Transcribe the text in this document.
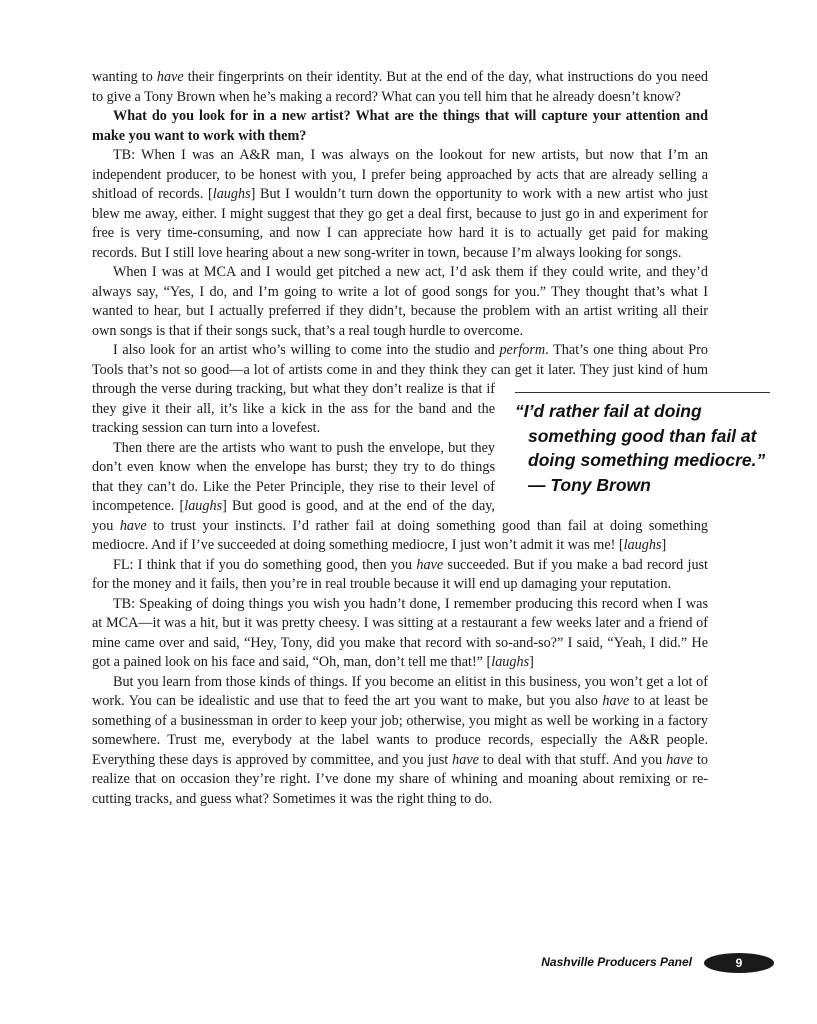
wanting to have their fingerprints on their identity. But at the end of the day, what instructions do you need to give a Tony Brown when he’s making a record? What can you tell him that he already doesn’t know?

What do you look for in a new artist? What are the things that will capture your attention and make you want to work with them?

TB: When I was an A&R man, I was always on the lookout for new artists, but now that I’m an independent producer, to be honest with you, I prefer being approached by acts that are already selling a shitload of records. [laughs] But I wouldn’t turn down the opportunity to work with a new artist who just blew me away, either. I might suggest that they go get a deal first, because to just go in and experiment for free is very time-consuming, and now I can appreciate how hard it is to actually get paid for making records. But I still love hearing about a new song-writer in town, because I’m always looking for songs.

When I was at MCA and I would get pitched a new act, I’d ask them if they could write, and they’d always say, “Yes, I do, and I’m going to write a lot of good songs for you.” They thought that’s what I wanted to hear, but I actually preferred if they didn’t, because the problem with an artist writing all their own songs is that if their songs suck, that’s a real tough hurdle to overcome.

I also look for an artist who’s willing to come into the studio and perform. That’s one thing about Pro Tools that’s not so good—a lot of artists come in and they think they can get it later.
“I’d rather fail at doing
something good than fail at
doing something mediocre.”
— Tony Brown
They just kind of hum through the verse during tracking, but what they don’t realize is that if they give it their all, it’s like a kick in the ass for the band and the tracking session can turn into a lovefest.

Then there are the artists who want to push the envelope, but they don’t even know when the envelope has burst; they try to do things that they can’t do. Like the Peter Principle, they rise to their level of incompetence. [laughs] But good is good, and at the end of the day, you have to trust your instincts. I’d rather fail at doing something good than fail at doing something mediocre. And if I’ve succeeded at doing something mediocre, I just won’t admit it was me! [laughs]

FL: I think that if you do something good, then you have succeeded. But if you make a bad record just for the money and it fails, then you’re in real trouble because it will end up damaging your reputation.

TB: Speaking of doing things you wish you hadn’t done, I remember producing this record when I was at MCA—it was a hit, but it was pretty cheesy. I was sitting at a restaurant a few weeks later and a friend of mine came over and said, “Hey, Tony, did you make that record with so-and-so?” I said, “Yeah, I did.” He got a pained look on his face and said, “Oh, man, don’t tell me that!” [laughs]

But you learn from those kinds of things. If you become an elitist in this business, you won’t get a lot of work. You can be idealistic and use that to feed the art you want to make, but you also have to at least be something of a businessman in order to keep your job; otherwise, you might as well be working in a factory somewhere. Trust me, everybody at the label wants to produce records, especially the A&R people. Everything these days is approved by committee, and you just have to deal with that stuff. And you have to realize that on occasion they’re right. I’ve done my share of whining and moaning about remixing or re-cutting tracks, and guess what? Sometimes it was the right thing to do.

Nashville Producers Panel	9
